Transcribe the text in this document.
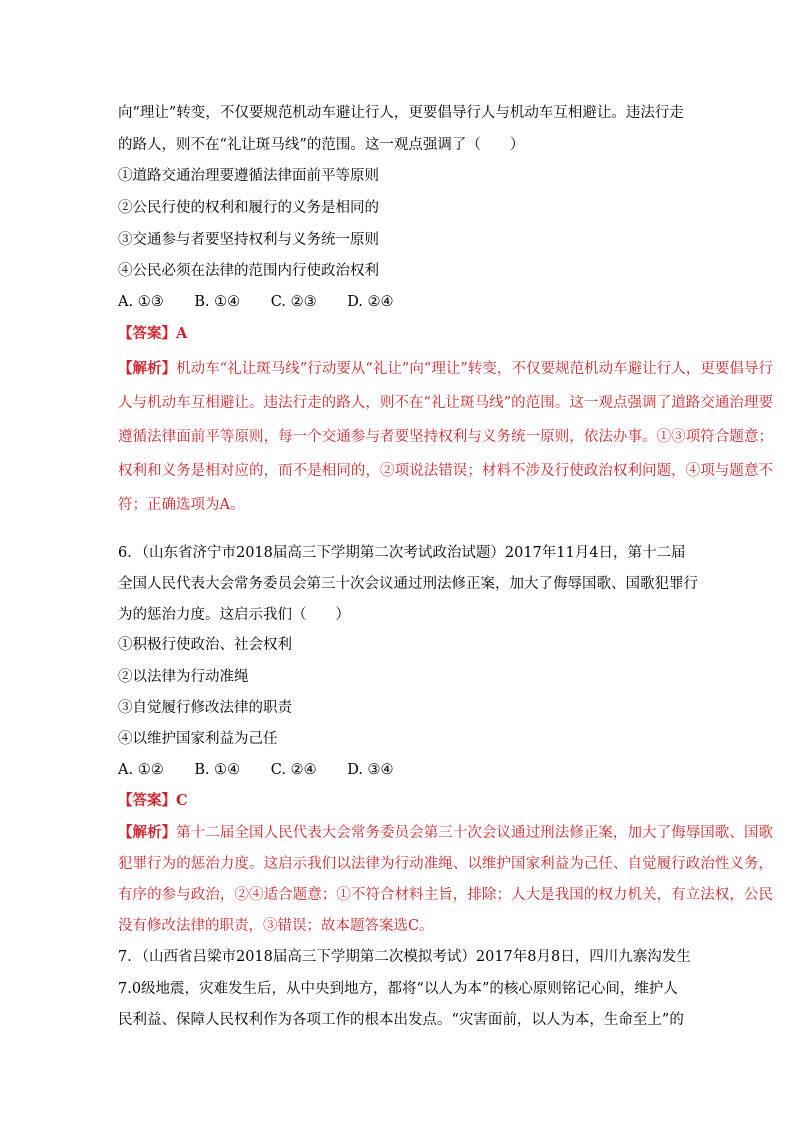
向“理让”转变，不仅要规范机动车避让行人，更要倡导行人与机动车互相避让。违法行走
的路人，则不在“礼让斑马线”的范围。这一观点强调了（　　）
①道路交通治理要遵循法律面前平等原则
②公民行使的权利和履行的义务是相同的
③交通参与者要坚持权利与义务统一原则
④公民必须在法律的范围内行使政治权利
A. ①③ B. ①④ C. ②③ D. ②④
【答案】A
【解析】机动车“礼让斑马线”行动要从“礼让”向“理让”转变，不仅要规范机动车避让行人，更要倡导行人与机动车互相避让。违法行走的路人，则不在“礼让斑马线”的范围。这一观点强调了道路交通治理要遵循法律面前平等原则，每一个交通参与者要坚持权利与义务统一原则，依法办事。①③项符合题意；权利和义务是相对应的，而不是相同的，②项说法错误；材料不涉及行使政治权利问题，④项与题意不符；正确选项为A。
6．（山东省济宁市2018届高三下学期第二次考试政治试题）2017年11月4日，第十二届
全国人民代表大会常务委员会第三十次会议通过刑法修正案，加大了侮辱国歌、国歌犯罪行
为的惩治力度。这启示我们（　　）
①积极行使政治、社会权利
②以法律为行动准绳
③自觉履行修改法律的职责
④以维护国家利益为己任
A. ①② B. ①④ C. ②④ D. ③④
【答案】C
【解析】第十二届全国人民代表大会常务委员会第三十次会议通过刑法修正案，加大了侮辱国歌、国歌犯罪行为的惩治力度。这启示我们以法律为行动准绳、以维护国家利益为己任、自觉履行政治性义务，有序的参与政治，②④适合题意；①不符合材料主旨，排除；人大是我国的权力机关，有立法权，公民没有修改法律的职责，③错误；故本题答案选C。
7．（山西省吕梁市2018届高三下学期第二次模拟考试）2017年8月8日，四川九寨沟发生
7.0级地震，灾难发生后，从中央到地方，都将“以人为本”的核心原则铭记心间，维护人
民利益、保障人民权利作为各项工作的根本出发点。“灾害面前，以人为本，生命至上”的
